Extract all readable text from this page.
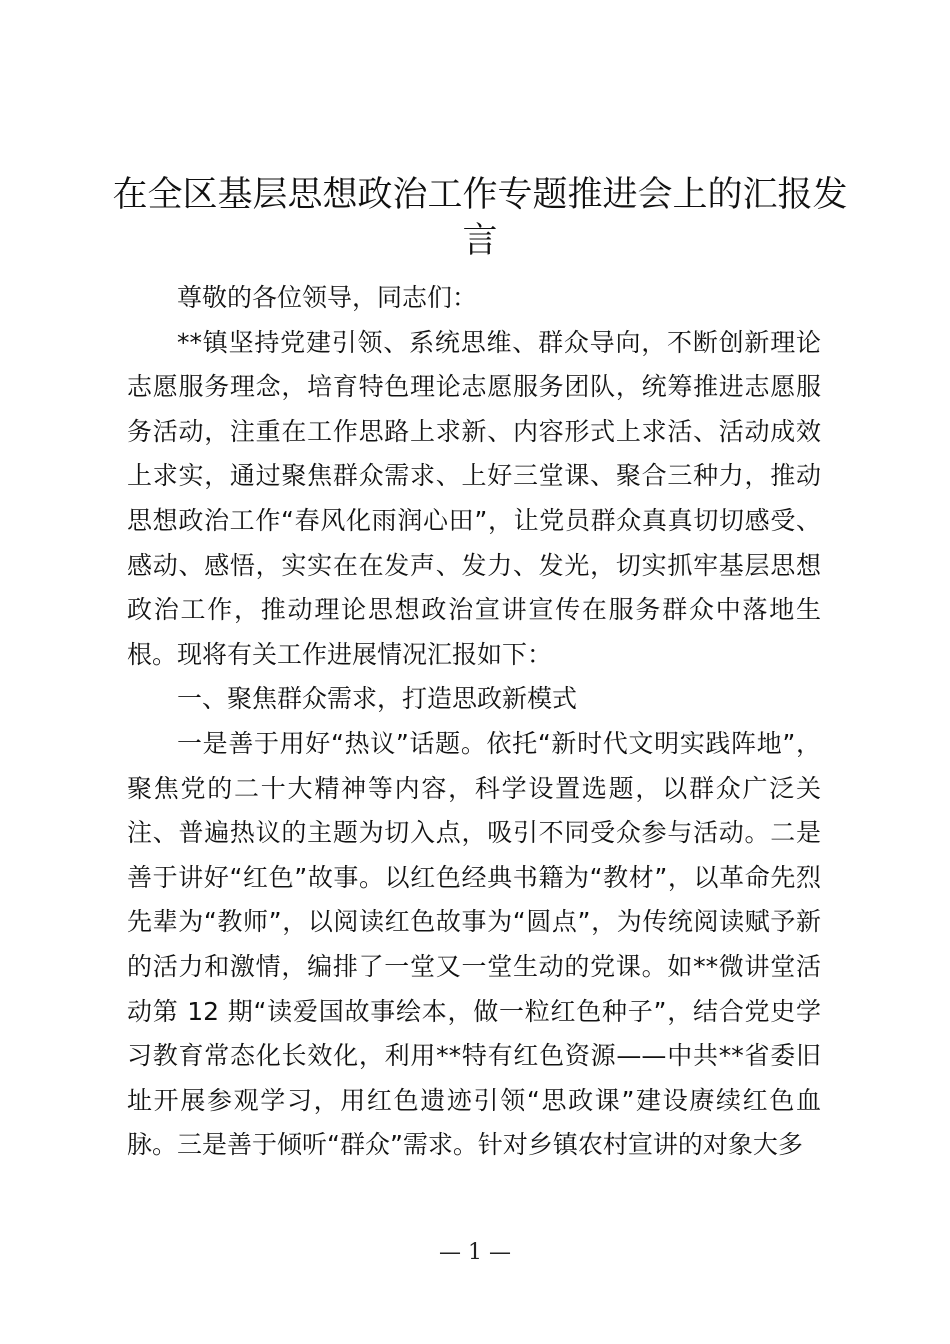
在全区基层思想政治工作专题推进会上的汇报发言

尊敬的各位领导，同志们：

**镇坚持党建引领、系统思维、群众导向，不断创新理论志愿服务理念，培育特色理论志愿服务团队，统筹推进志愿服务活动，注重在工作思路上求新、内容形式上求活、活动成效上求实，通过聚焦群众需求、上好三堂课、聚合三种力，推动思想政治工作“春风化雨润心田”，让党员群众真真切切感受、感动、感悟，实实在在发声、发力、发光，切实抓牢基层思想政治工作，推动理论思想政治宣讲宣传在服务群众中落地生根。现将有关工作进展情况汇报如下：

一、聚焦群众需求，打造思政新模式

一是善于用好“热议”话题。依托“新时代文明实践阵地”，聚焦党的二十大精神等内容，科学设置选题，以群众广泛关注、普遍热议的主题为切入点，吸引不同受众参与活动。二是善于讲好“红色”故事。以红色经典书籍为“教材”，以革命先烈先辈为“教师”，以阅读红色故事为“圆点”，为传统阅读赋予新的活力和激情，编排了一堂又一堂生动的党课。如**微讲堂活动第 12 期“读爱国故事绘本，做一粒红色种子”，结合党史学习教育常态化长效化，利用**特有红色资源——中共**省委旧址开展参观学习，用红色遗迹引领“思政课”建设赓续红色血脉。三是善于倾听“群众”需求。针对乡镇农村宣讲的对象大多

— 1 —
